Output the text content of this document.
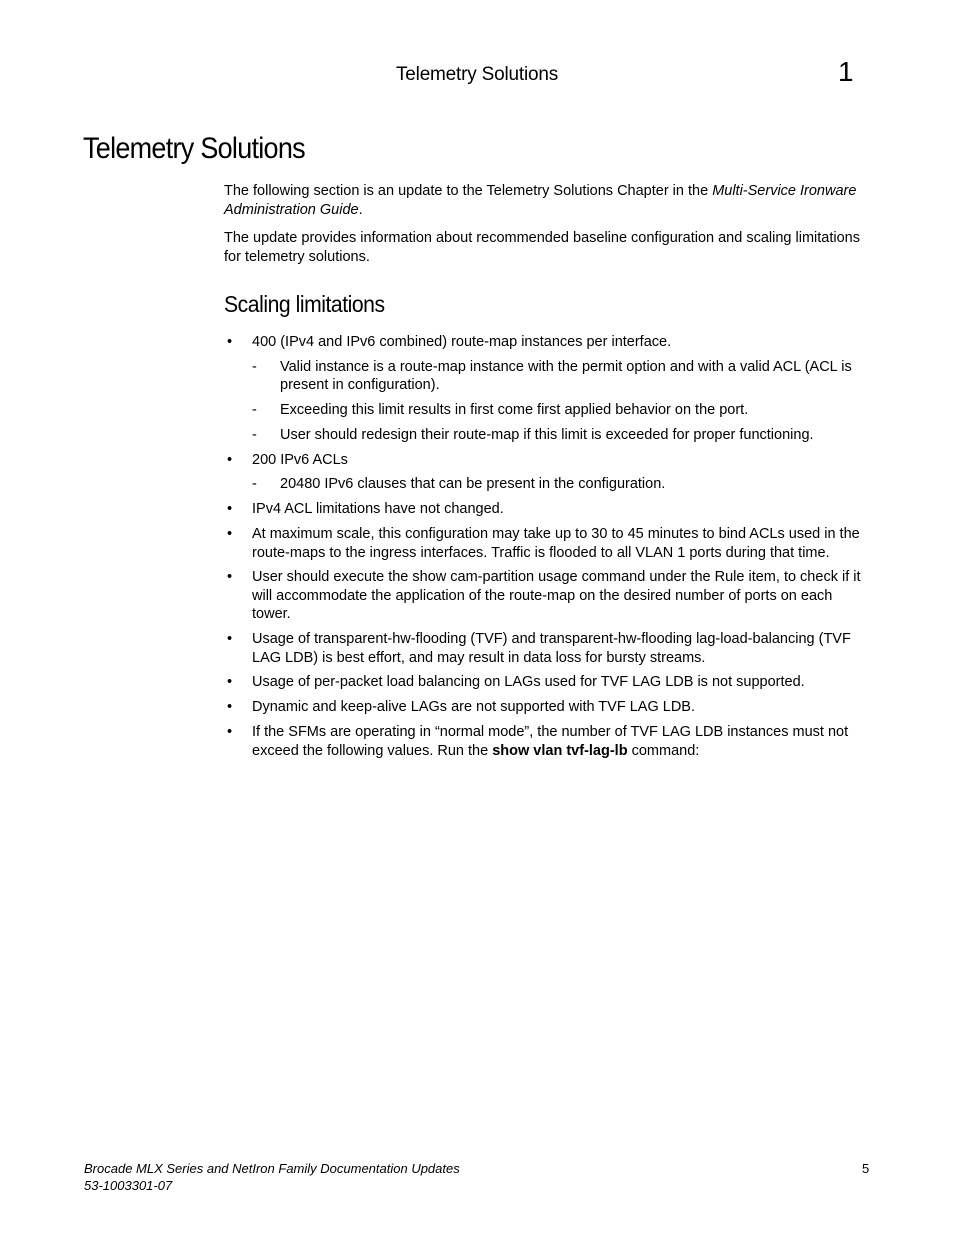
Telemetry Solutions	1
Telemetry Solutions

The following section is an update to the Telemetry Solutions Chapter in the Multi-Service Ironware Administration Guide.

The update provides information about recommended baseline configuration and scaling limitations for telemetry solutions.

Scaling limitations
• 400 (IPv4 and IPv6 combined) route-map instances per interface.
- Valid instance is a route-map instance with the permit option and with a valid ACL (ACL is present in configuration).
- Exceeding this limit results in first come first applied behavior on the port.
- User should redesign their route-map if this limit is exceeded for proper functioning.
• 200 IPv6 ACLs
- 20480 IPv6 clauses that can be present in the configuration.
• IPv4 ACL limitations have not changed.
• At maximum scale, this configuration may take up to 30 to 45 minutes to bind ACLs used in the route-maps to the ingress interfaces. Traffic is flooded to all VLAN 1 ports during that time.
• User should execute the show cam-partition usage command under the Rule item, to check if it will accommodate the application of the route-map on the desired number of ports on each tower.
• Usage of transparent-hw-flooding (TVF) and transparent-hw-flooding lag-load-balancing (TVF LAG LDB) is best effort, and may result in data loss for bursty streams.
• Usage of per-packet load balancing on LAGs used for TVF LAG LDB is not supported.
• Dynamic and keep-alive LAGs are not supported with TVF LAG LDB.
• If the SFMs are operating in “normal mode”, the number of TVF LAG LDB instances must not exceed the following values. Run the show vlan tvf-lag-lb command:
Brocade MLX Series and NetIron Family Documentation Updates
53-1003301-07
5
